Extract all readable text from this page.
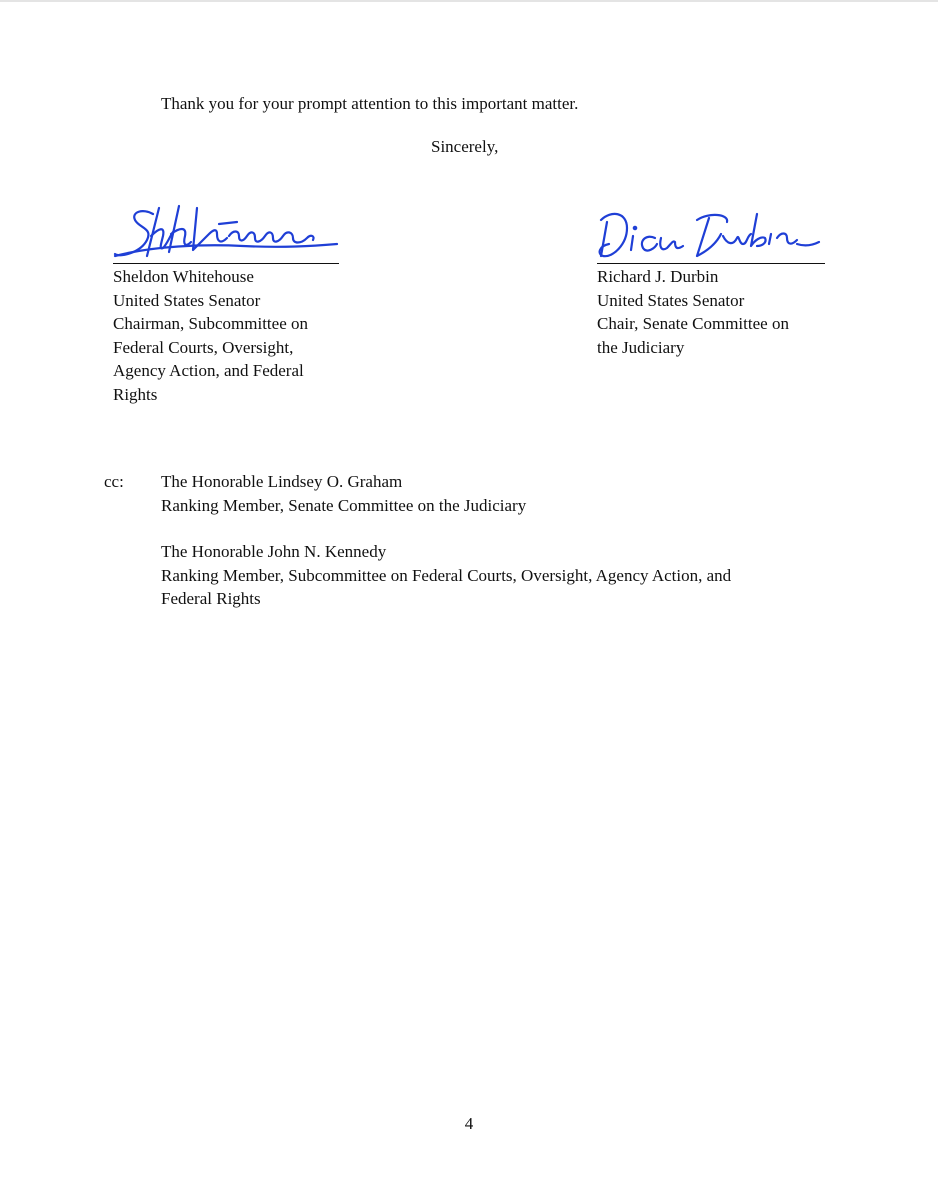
Thank you for your prompt attention to this important matter.
Sincerely,
Sheldon Whitehouse
United States Senator
Chairman, Subcommittee on
Federal Courts, Oversight,
Agency Action, and Federal
Rights
Richard J. Durbin
United States Senator
Chair, Senate Committee on
the Judiciary
cc: The Honorable Lindsey O. Graham
Ranking Member, Senate Committee on the Judiciary
The Honorable John N. Kennedy
Ranking Member, Subcommittee on Federal Courts, Oversight, Agency Action, and
Federal Rights
4
